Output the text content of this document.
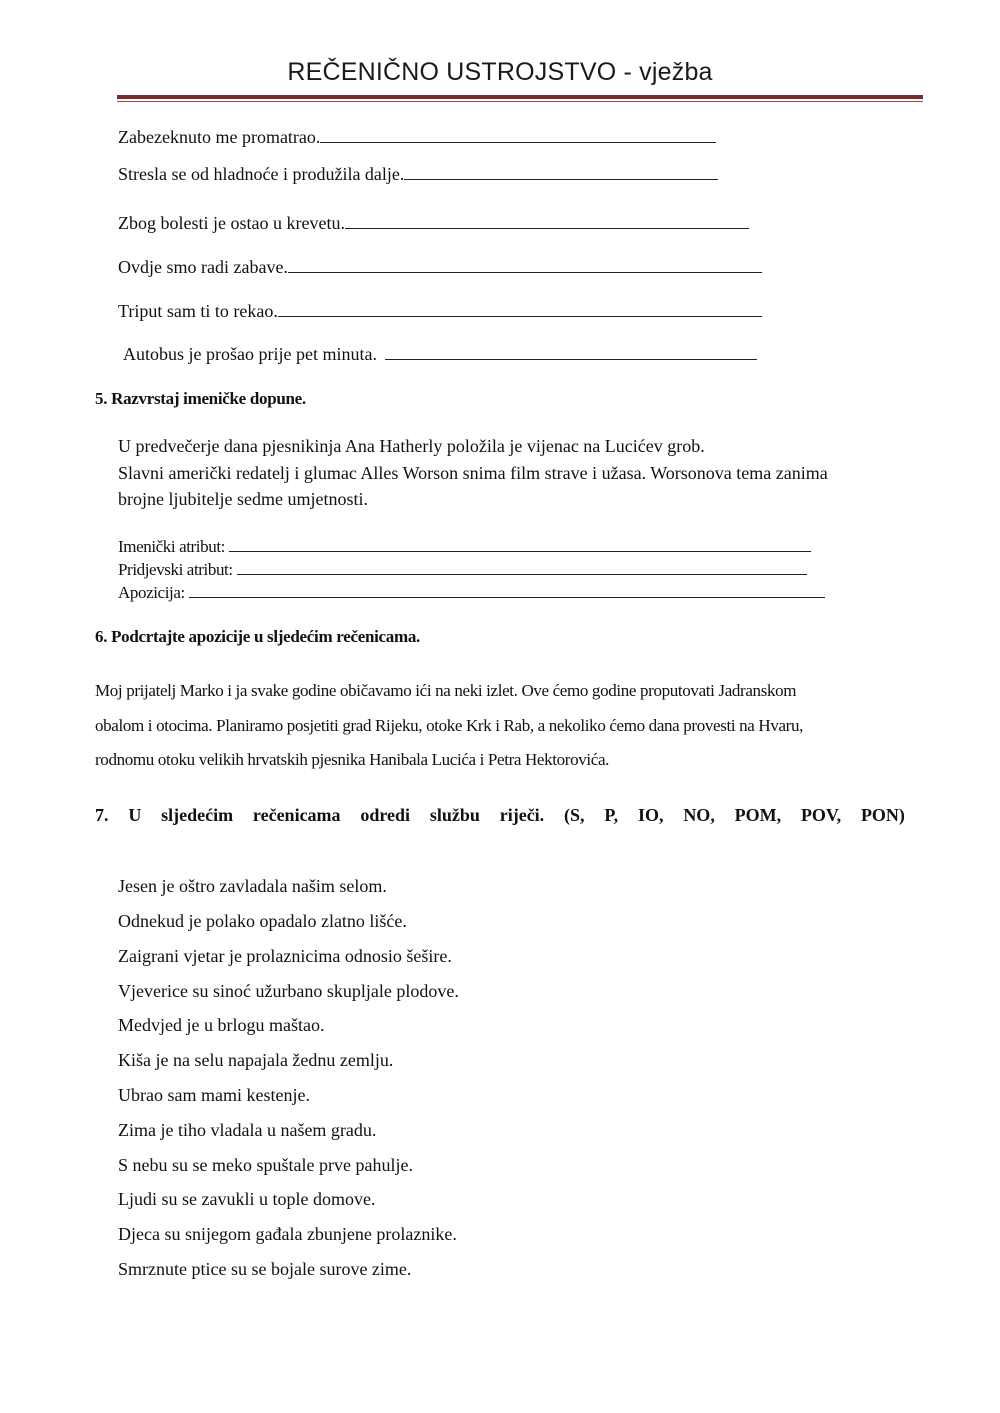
REČENIČNO USTROJSTVO - vježba
Zabezeknuto me promatrao.
Stresla se od hladnoće i produžila dalje.
Zbog bolesti je ostao u krevetu.
Ovdje smo radi zabave.
Triput sam ti to rekao.
Autobus je prošao prije pet minuta.
5. Razvrstaj imeničke dopune.
U predvečerje dana pjesnikinja Ana Hatherly položila je vijenac na Lucićev grob.
Slavni američki redatelj i glumac Alles Worson snima film strave i užasa. Worsonova tema zanima
brojne ljubitelje sedme umjetnosti.
Imenički atribut:
Pridjevski atribut:
Apozicija:
6. Podcrtajte apozicije u sljedećim rečenicama.
Moj prijatelj Marko i ja svake godine običavamo ići na neki izlet. Ove ćemo godine proputovati Jadranskom
obalom i otocima. Planiramo posjetiti grad Rijeku, otoke Krk i Rab, a nekoliko ćemo dana provesti na Hvaru,
rodnomu otoku velikih hrvatskih pjesnika Hanibala Lucića i Petra Hektorovića.
7. U sljedećim rečenicama odredi službu riječi. (S, P, IO, NO, POM, POV, PON)
Jesen je oštro zavladala našim selom.
Odnekud je polako opadalo zlatno lišće.
Zaigrani vjetar je prolaznicima odnosio šešire.
Vjeverice su sinoć užurbano skupljale plodove.
Medvjed je u brlogu maštao.
Kiša je na selu napajala žednu zemlju.
Ubrao sam mami kestenje.
Zima je tiho vladala u našem gradu.
S nebu su se meko spuštale prve pahulje.
Ljudi su se zavukli u tople domove.
Djeca su snijegom gađala zbunjene prolaznike.
Smrznute ptice su se bojale surove zime.
